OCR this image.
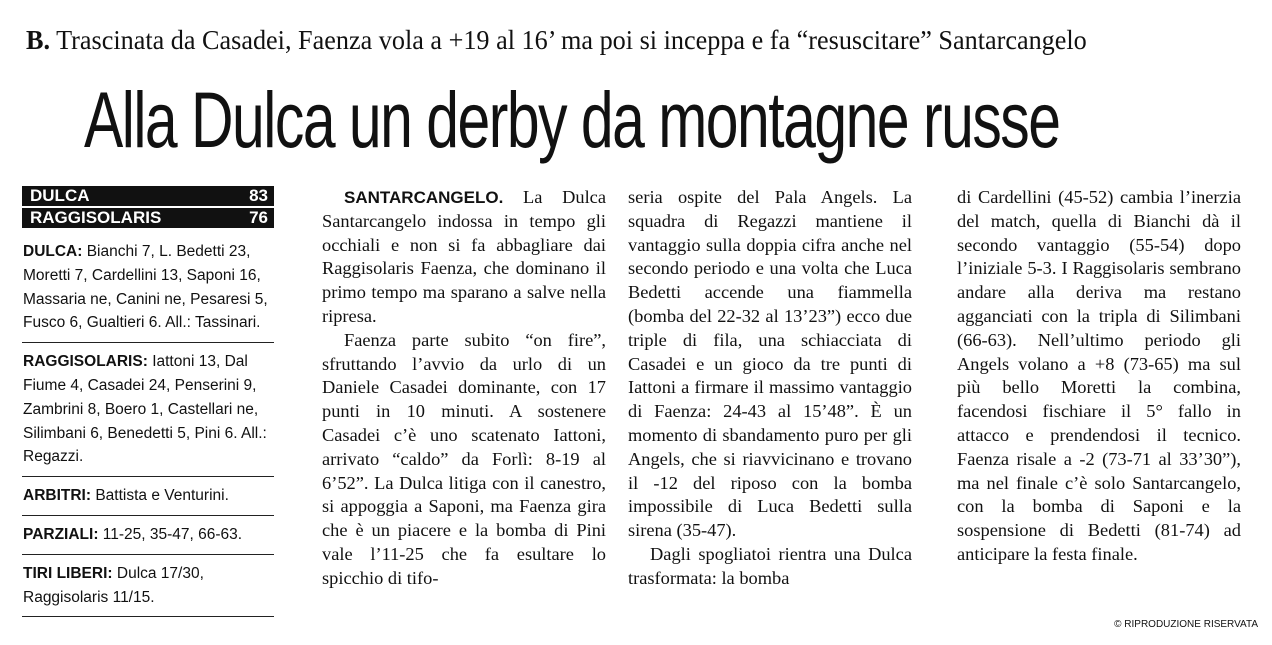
B. Trascinata da Casadei, Faenza vola a +19 al 16’ ma poi si inceppa e fa “resuscitare” Santarcangelo
Alla Dulca un derby da montagne russe
DULCA	83
RAGGISOLARIS	76
DULCA: Bianchi 7, L. Bedetti 23, Moretti 7, Cardellini 13, Saponi 16, Massaria ne, Canini ne, Pesaresi 5, Fusco 6, Gualtieri 6. All.: Tassinari.
RAGGISOLARIS: Iattoni 13, Dal Fiume 4, Casadei 24, Penserini 9, Zambrini 8, Boero 1, Castellari ne, Silimbani 6, Benedetti 5, Pini 6. All.: Regazzi.
ARBITRI: Battista e Venturini.
PARZIALI: 11-25, 35-47, 66-63.
TIRI LIBERI: Dulca 17/30, Raggisolaris 11/15.

SANTARCANGELO. La Dulca Santarcangelo indossa in tempo gli occhiali e non si fa abbagliare dai Raggisolaris Faenza, che dominano il primo tempo ma sparano a salve nella ripresa.

Faenza parte subito “on fire”, sfruttando l’avvio da urlo di un Daniele Casadei dominante, con 17 punti in 10 minuti. A sostenere Casadei c’è uno scatenato Iattoni, arrivato “caldo” da Forlì: 8-19 al 6’52”. La Dulca litiga con il canestro, si appoggia a Saponi, ma Faenza gira che è un piacere e la bomba di Pini vale l’11-25 che fa esultare lo spicchio di tifo-

seria ospite del Pala Angels. La squadra di Regazzi mantiene il vantaggio sulla doppia cifra anche nel secondo periodo e una volta che Luca Bedetti accende una fiammella (bomba del 22-32 al 13’23”) ecco due triple di fila, una schiacciata di Casadei e un gioco da tre punti di Iattoni a firmare il massimo vantaggio di Faenza: 24-43 al 15’48”. È un momento di sbandamento puro per gli Angels, che si riavvicinano e trovano il -12 del riposo con la bomba impossibile di Luca Bedetti sulla sirena (35-47).

Dagli spogliatoi rientra una Dulca trasformata: la bomba

di Cardellini (45-52) cambia l’inerzia del match, quella di Bianchi dà il secondo vantaggio (55-54) dopo l’iniziale 5-3. I Raggisolaris sembrano andare alla deriva ma restano agganciati con la tripla di Silimbani (66-63). Nell’ultimo periodo gli Angels volano a +8 (73-65) ma sul più bello Moretti la combina, facendosi fischiare il 5° fallo in attacco e prendendosi il tecnico. Faenza risale a -2 (73-71 al 33’30”), ma nel finale c’è solo Santarcangelo, con la bomba di Saponi e la sospensione di Bedetti (81-74) ad anticipare la festa finale.

© RIPRODUZIONE RISERVATA
